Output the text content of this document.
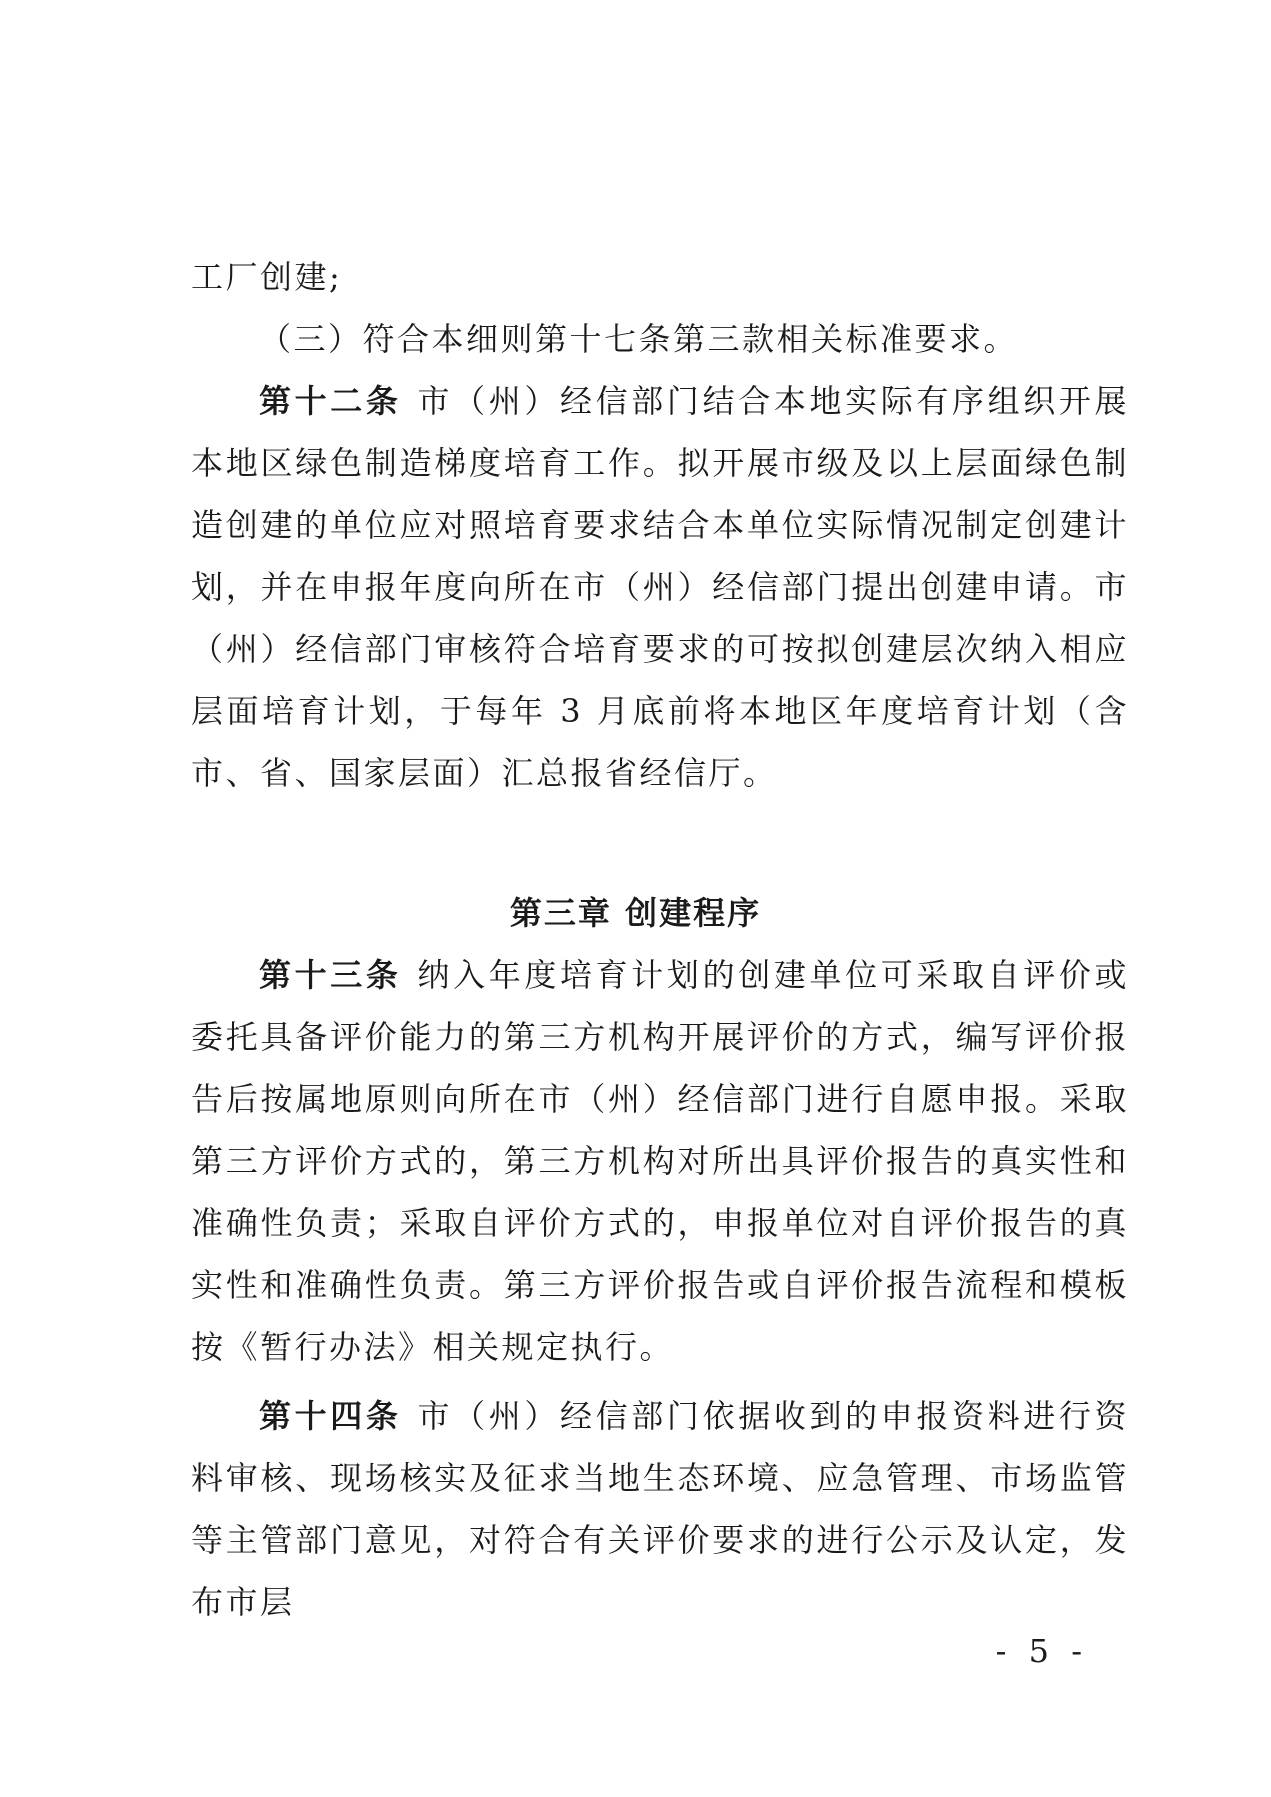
工厂创建;

（三）符合本细则第十七条第三款相关标准要求。

第十二条 市（州）经信部门结合本地实际有序组织开展本地区绿色制造梯度培育工作。拟开展市级及以上层面绿色制造创建的单位应对照培育要求结合本单位实际情况制定创建计划，并在申报年度向所在市（州）经信部门提出创建申请。市（州）经信部门审核符合培育要求的可按拟创建层次纳入相应层面培育计划，于每年 3 月底前将本地区年度培育计划（含市、省、国家层面）汇总报省经信厅。

第三章 创建程序

第十三条 纳入年度培育计划的创建单位可采取自评价或委托具备评价能力的第三方机构开展评价的方式，编写评价报告后按属地原则向所在市（州）经信部门进行自愿申报。采取第三方评价方式的，第三方机构对所出具评价报告的真实性和准确性负责；采取自评价方式的，申报单位对自评价报告的真实性和准确性负责。第三方评价报告或自评价报告流程和模板按《暂行办法》相关规定执行。

第十四条 市（州）经信部门依据收到的申报资料进行资料审核、现场核实及征求当地生态环境、应急管理、市场监管等主管部门意见，对符合有关评价要求的进行公示及认定，发布市层

- 5 -
